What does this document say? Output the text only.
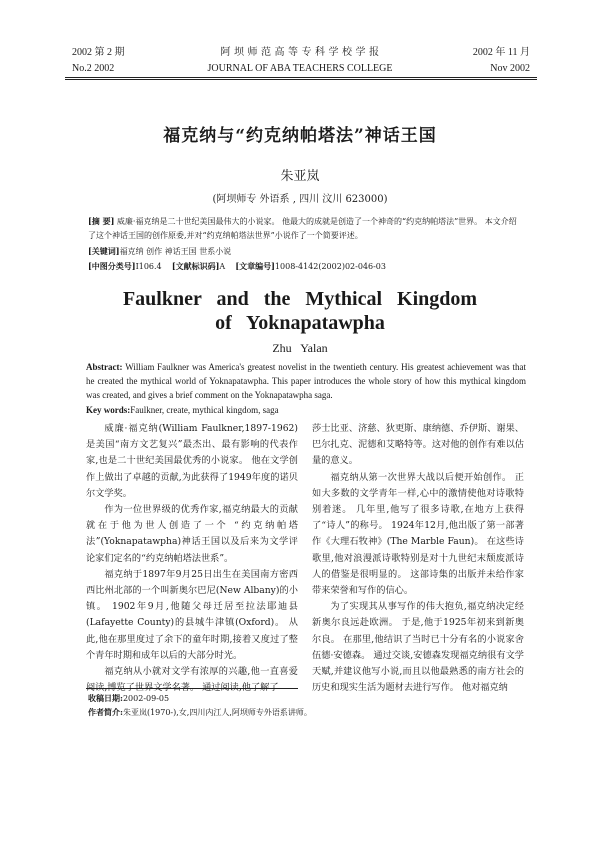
2002 第 2 期
No.2 2002
阿 坝 师 范 高 等 专 科 学 校 学 报
JOURNAL OF ABA TEACHERS COLLEGE
2002 年 11 月
Nov 2002
福克纳与“约克纳帕塔法”神话王国
朱亚岚
(阿坝师专 外语系 , 四川 汶川 623000)
[摘 要] 威廉·福克纳是二十世纪美国最伟大的小说家。 他最大的成就是创造了一个神奇的“约克纳帕塔法”世界。 本文介绍了这个神话王国的创作原委,并对“约克纳帕塔法世界”小说作了一个简要评述。
[关键词]福克纳 创作 神话王国 世系小说
[中图分类号]I106.4 [文献标识码]A [文章编号]1008-4142(2002)02-046-03
Faulkner   and   the   Mythical   Kingdom
of   Yoknapatawpha
Zhu   Yalan
Abstract: William Faulkner was America's greatest novelist in the twentieth century. His greatest achievement was that he created the mythical world of Yoknapatawpha. This paper introduces the whole story of how this mythical kingdom was created, and gives a brief comment on the Yoknapatawpha saga.
Key words:Faulkner, create, mythical kingdom, saga

威廉·福克纳(William Faulkner,1897-1962)是美国“南方文艺复兴”最杰出、最有影响的代表作家,也是二十世纪美国最优秀的小说家。 他在文学创作上做出了卓越的贡献,为此获得了1949年度的诺贝尔文学奖。

作为一位世界级的优秀作家,福克纳最大的贡献就在于他为世人创造了一个 “约克纳帕塔法”(Yoknapatawpha)神话王国以及后来为文学评论家们定名的“约克纳帕塔法世系”。

福克纳于1897年9月25日出生在美国南方密西西比州北部的一个叫新奥尔巴尼(New Albany)的小镇。 1902年9月,他随父母迁居至拉法耶迪县(Lafayette County)的县城牛津镇(Oxford)。 从此,他在那里度过了余下的童年时期,接着又度过了整个青年时期和成年以后的大部分时光。

福克纳从小就对文学有浓厚的兴趣,他一直喜爱阅读,博览了世界文学名著。 通过阅读,他了解了

莎士比亚、济慈、狄更斯、康纳德、乔伊斯、谢果、巴尔扎克、泥德和艾略特等。这对他的创作有难以估量的意义。

福克纳从第一次世界大战以后便开始创作。 正如大多数的文学青年一样,心中的激情使他对诗歌特别着迷。 几年里,他写了很多诗歌,在地方上获得了“诗人”的称号。 1924年12月,他出版了第一部著作《大理石牧神》(The Marble Faun)。 在这些诗歌里,他对浪漫派诗歌特别是对十九世纪末颓废派诗人的借鉴是很明显的。 这部诗集的出版并未给作家带来荣誉和写作的信心。

为了实现其从事写作的伟大抱负,福克纳决定经新奥尔良远赴欧洲。 于是,他于1925年初来到新奥尔良。 在那里,他结识了当时已十分有名的小说家舍伍德·安德森。 通过交谈,安德森发现福克纳很有文学天赋,并建议他写小说,而且以他最熟悉的南方社会的历史和现实生活为题材去进行写作。 他对福克纳

收稿日期:2002-09-05
作者简介:朱亚岚(1970-),女,四川内江人,阿坝师专外语系讲师。
